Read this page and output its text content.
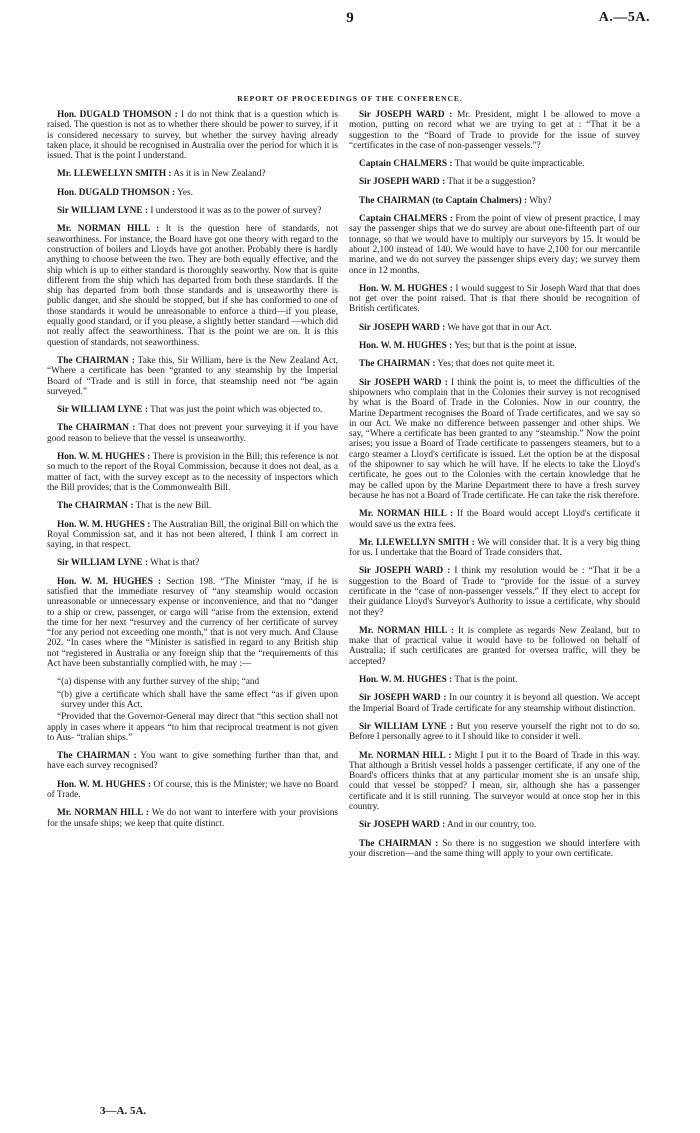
9	A.—5A.
REPORT OF PROCEEDINGS OF THE CONFERENCE.

Hon. DUGALD THOMSON : I do not think that is a question which is raised. The question is not as to whether there should be power to survey, if it is considered necessary to survey, but whether the survey having already taken place, it should be recognised in Australia over the period for which it is issued. That is the point I understand.

Mr. LLEWELLYN SMITH : As it is in New Zealand?

Hon. DUGALD THOMSON : Yes.

Sir WILLIAM LYNE : I understood it was as to the power of survey?

Mr. NORMAN HILL : It is the question here of standards, not seaworthiness. For instance, the Board have got one theory with regard to the construction of boilers and Lloyds have got another. Probably there is hardly anything to choose between the two. They are both equally effective, and the ship which is up to either standard is thoroughly seaworthy. Now that is quite different from the ship which has departed from both these standards. If the ship has departed from both those standards and is unseaworthy there is public danger, and she should be stopped, but if she has conformed to one of those standards it would be unreasonable to enforce a third—if you please, equally good standard, or if you please, a slightly better standard —which did not really affect the seaworthiness. That is the point we are on. It is this question of standards, not seaworthiness.

The CHAIRMAN : Take this, Sir William, here is the New Zealand Act, “Where a certificate has been “granted to any steamship by the Imperial Board of “Trade and is still in force, that steamship need not “be again surveyed.”

Sir WILLIAM LYNE : That was just the point which was objected to.

The CHAIRMAN : That does not prevent your surveying it if you have good reason to believe that the vessel is unseaworthy.

Hon. W. M. HUGHES : There is provision in the Bill; this reference is not so much to the report of the Royal Commission, because it does not deal, as a matter of fact, with the survey except as to the necessity of inspectors which the Bill provides; that is the Commonwealth Bill.

The CHAIRMAN : That is the new Bill.

Hon. W. M. HUGHES : The Australian Bill, the original Bill on which the Royal Commission sat, and it has not been altered, I think I am correct in saying, in that respect.

Sir WILLIAM LYNE : What is that?

Hon. W. M. HUGHES : Section 198. “The Minister “may, if he is satisfied that the immediate resurvey of “any steamship would occasion unreasonable or unnecessary expense or inconvenience, and that no “danger to a ship or crew, passenger, or cargo will “arise from the extension, extend the time for her next “resurvey and the currency of her certificate of survey “for any period not exceeding one month,” that is not very much. And Clause 202. “In cases where the “Minister is satisfied in regard to any British ship not “registered in Australia or any foreign ship that the “requirements of this Act have been substantially complied with, he may :—

“(a) dispense with any further survey of the ship; “and

“(b) give a certificate which shall have the same effect “as if given upon survey under this Act.

“Provided that the Governor-General may direct that “this section shall not apply in cases where it appears “to him that reciprocal treatment is not given to Aus- “tralian ships.”

The CHAIRMAN : You want to give something further than that, and have each survey recognised?

Hon. W. M. HUGHES : Of course, this is the Minister; we have no Board of Trade.

Mr. NORMAN HILL : We do not want to interfere with your provisions for the unsafe ships; we keep that quite distinct.

Sir JOSEPH WARD : Mr. President, might I be allowed to move a motion, putting on record what we are trying to get at : “That it be a suggestion to the “Board of Trade to provide for the issue of survey “certificates in the case of non-passenger vessels.”?

Captain CHALMERS : That would be quite impracticable.

Sir JOSEPH WARD : That it be a suggestion?

The CHAIRMAN (to Captain Chalmers) : Why?

Captain CHALMERS : From the point of view of present practice, I may say the passenger ships that we do survey are about one-fifteenth part of our tonnage, so that we would have to multiply our surveyors by 15. It would be about 2,100 instead of 140. We would have to have 2,100 for our mercantile marine, and we do not survey the passenger ships every day; we survey them once in 12 months.

Hon. W. M. HUGHES : I would suggest to Sir Joseph Ward that that does not get over the point raised. That is that there should be recognition of British certificates.

Sir JOSEPH WARD : We have got that in our Act.

Hon. W. M. HUGHES : Yes; but that is the point at issue.

The CHAIRMAN : Yes; that does not quite meet it.

Sir JOSEPH WARD : I think the point is, to meet the difficulties of the shipowners who complain that in the Colonies their survey is not recognised by what is the Board of Trade in the Colonies. Now in our country, the Marine Department recognises the Board of Trade certificates, and we say so in our Act. We make no difference between passenger and other ships. We say, “Where a certificate has been granted to any “steamship.” Now the point arises; you issue a Board of Trade certificate to passengers steamers, but to a cargo steamer a Lloyd's certificate is issued. Let the option be at the disposal of the shipowner to say which he will have. If he elects to take the Lloyd's certificate, he goes out to the Colonies with the certain knowledge that he may be called upon by the Marine Department there to have a fresh survey because he has not a Board of Trade certificate. He can take the risk therefore.

Mr. NORMAN HILL : If the Board would accept Lloyd's certificate it would save us the extra fees.

Mr. LLEWELLYN SMITH : We will consider that. It is a very big thing for us. I undertake that the Board of Trade considers that.

Sir JOSEPH WARD : I think my resolution would be : “That it be a suggestion to the Board of Trade to “provide for the issue of a survey certificate in the “case of non-passenger vessels.” If they elect to accept for their guidance Lloyd's Surveyor's Authority to issue a certificate, why should not they?

Mr. NORMAN HILL : It is complete as regards New Zealand, but to make that of practical value it would have to be followed on behalf of Australia; if such certificates are granted for oversea traffic, will they be accepted?

Hon. W. M. HUGHES : That is the point.

Sir JOSEPH WARD : In our country it is beyond all question. We accept the Imperial Board of Trade certificate for any steamship without distinction.

Sir WILLIAM LYNE : But you reserve yourself the right not to do so. Before I personally agree to it I should like to consider it well.

Mr. NORMAN HILL : Might I put it to the Board of Trade in this way. That although a British vessel holds a passenger certificate, if any one of the Board's officers thinks that at any particular moment she is an unsafe ship, could that vessel be stopped? I mean, sir, although she has a passenger certificate and it is still running. The surveyor would at once stop her in this country.

Sir JOSEPH WARD : And in our country, too.

The CHAIRMAN : So there is no suggestion we should interfere with your discretion—and the same thing will apply to your own certificate.

3—A. 5A.
